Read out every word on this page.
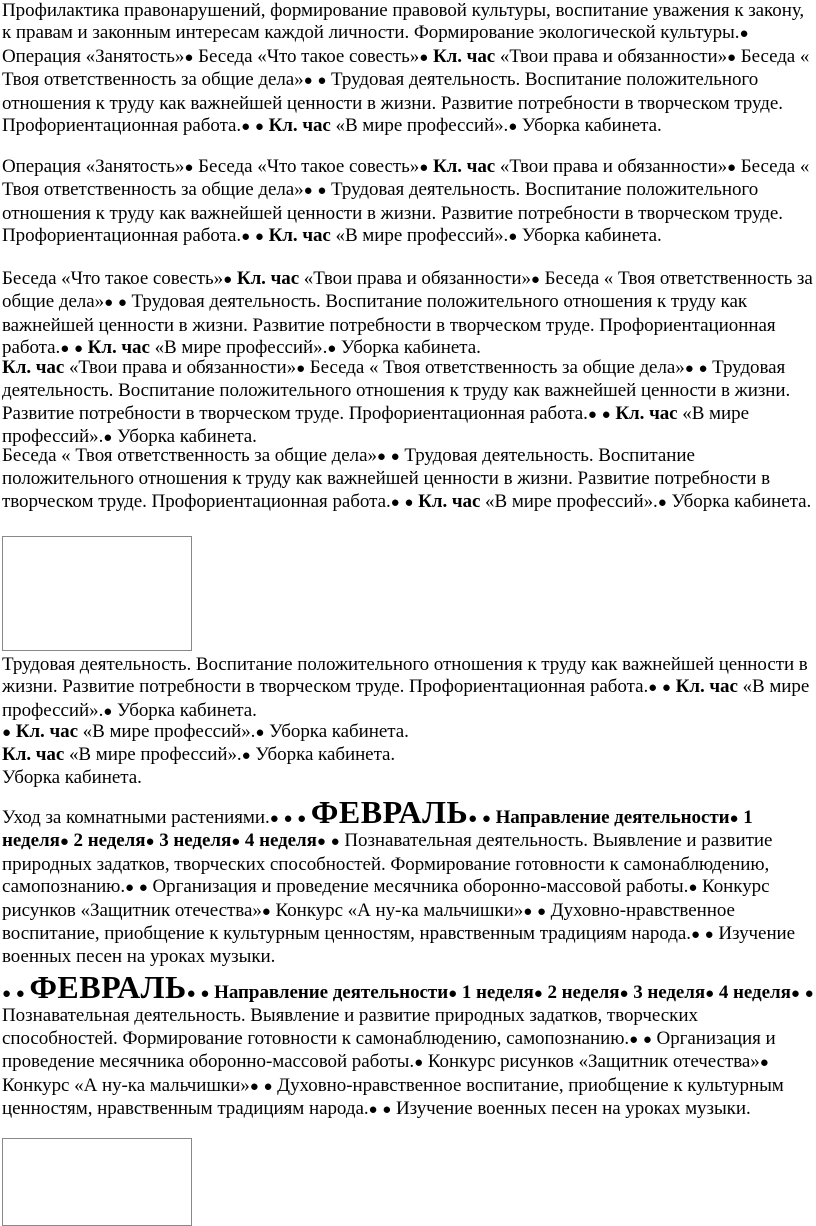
Профилактика правонарушений, формирование правовой культуры, воспитание уважения к закону, к правам и законным интересам каждой личности. Формирование экологической культуры.● Операция «Занятость»● Беседа «Что такое совесть»● Кл. час «Твои права и обязанности»● Беседа « Твоя ответственность за общие дела»● ● Трудовая деятельность. Воспитание положительного отношения к труду как важнейшей ценности в жизни. Развитие потребности в творческом труде. Профориентационная работа.● ● Кл. час «В мире профессий».● Уборка кабинета.

Операция «Занятость»● Беседа «Что такое совесть»● Кл. час «Твои права и обязанности»● Беседа « Твоя ответственность за общие дела»● ● Трудовая деятельность. Воспитание положительного отношения к труду как важнейшей ценности в жизни. Развитие потребности в творческом труде. Профориентационная работа.● ● Кл. час «В мире профессий».● Уборка кабинета.

Беседа «Что такое совесть»● Кл. час «Твои права и обязанности»● Беседа « Твоя ответственность за общие дела»● ● Трудовая деятельность. Воспитание положительного отношения к труду как важнейшей ценности в жизни. Развитие потребности в творческом труде. Профориентационная работа.● ● Кл. час «В мире профессий».● Уборка кабинета.

Кл. час «Твои права и обязанности»● Беседа « Твоя ответственность за общие дела»● ● Трудовая деятельность. Воспитание положительного отношения к труду как важнейшей ценности в жизни. Развитие потребности в творческом труде. Профориентационная работа.● ● Кл. час «В мире профессий».● Уборка кабинета.

Беседа « Твоя ответственность за общие дела»● ● Трудовая деятельность. Воспитание положительного отношения к труду как важнейшей ценности в жизни. Развитие потребности в творческом труде. Профориентационная работа.● ● Кл. час «В мире профессий».● Уборка кабинета.

Трудовая деятельность. Воспитание положительного отношения к труду как важнейшей ценности в жизни. Развитие потребности в творческом труде. Профориентационная работа.● ● Кл. час «В мире профессий».● Уборка кабинета.

● Кл. час «В мире профессий».● Уборка кабинета.

Кл. час «В мире профессий».● Уборка кабинета.

Уборка кабинета.

Уход за комнатными растениями.● ● ● ФЕВРАЛЬ● ● Направление деятельности● 1 неделя● 2 неделя● 3 неделя● 4 неделя● ● Познавательная деятельность. Выявление и развитие природных задатков, творческих способностей. Формирование готовности к самонаблюдению, самопознанию.● ● Организация и проведение месячника оборонно-массовой работы.● Конкурс рисунков «Защитник отечества»● Конкурс «А ну-ка мальчишки»● ● Духовно-нравственное воспитание, приобщение к культурным ценностям, нравственным традициям народа.● ● Изучение военных песен на уроках музыки.

● ● ФЕВРАЛЬ● ● Направление деятельности● 1 неделя● 2 неделя● 3 неделя● 4 неделя● ● Познавательная деятельность. Выявление и развитие природных задатков, творческих способностей. Формирование готовности к самонаблюдению, самопознанию.● ● Организация и проведение месячника оборонно-массовой работы.● Конкурс рисунков «Защитник отечества»● Конкурс «А ну-ка мальчишки»● ● Духовно-нравственное воспитание, приобщение к культурным ценностям, нравственным традициям народа.● ● Изучение военных песен на уроках музыки.
